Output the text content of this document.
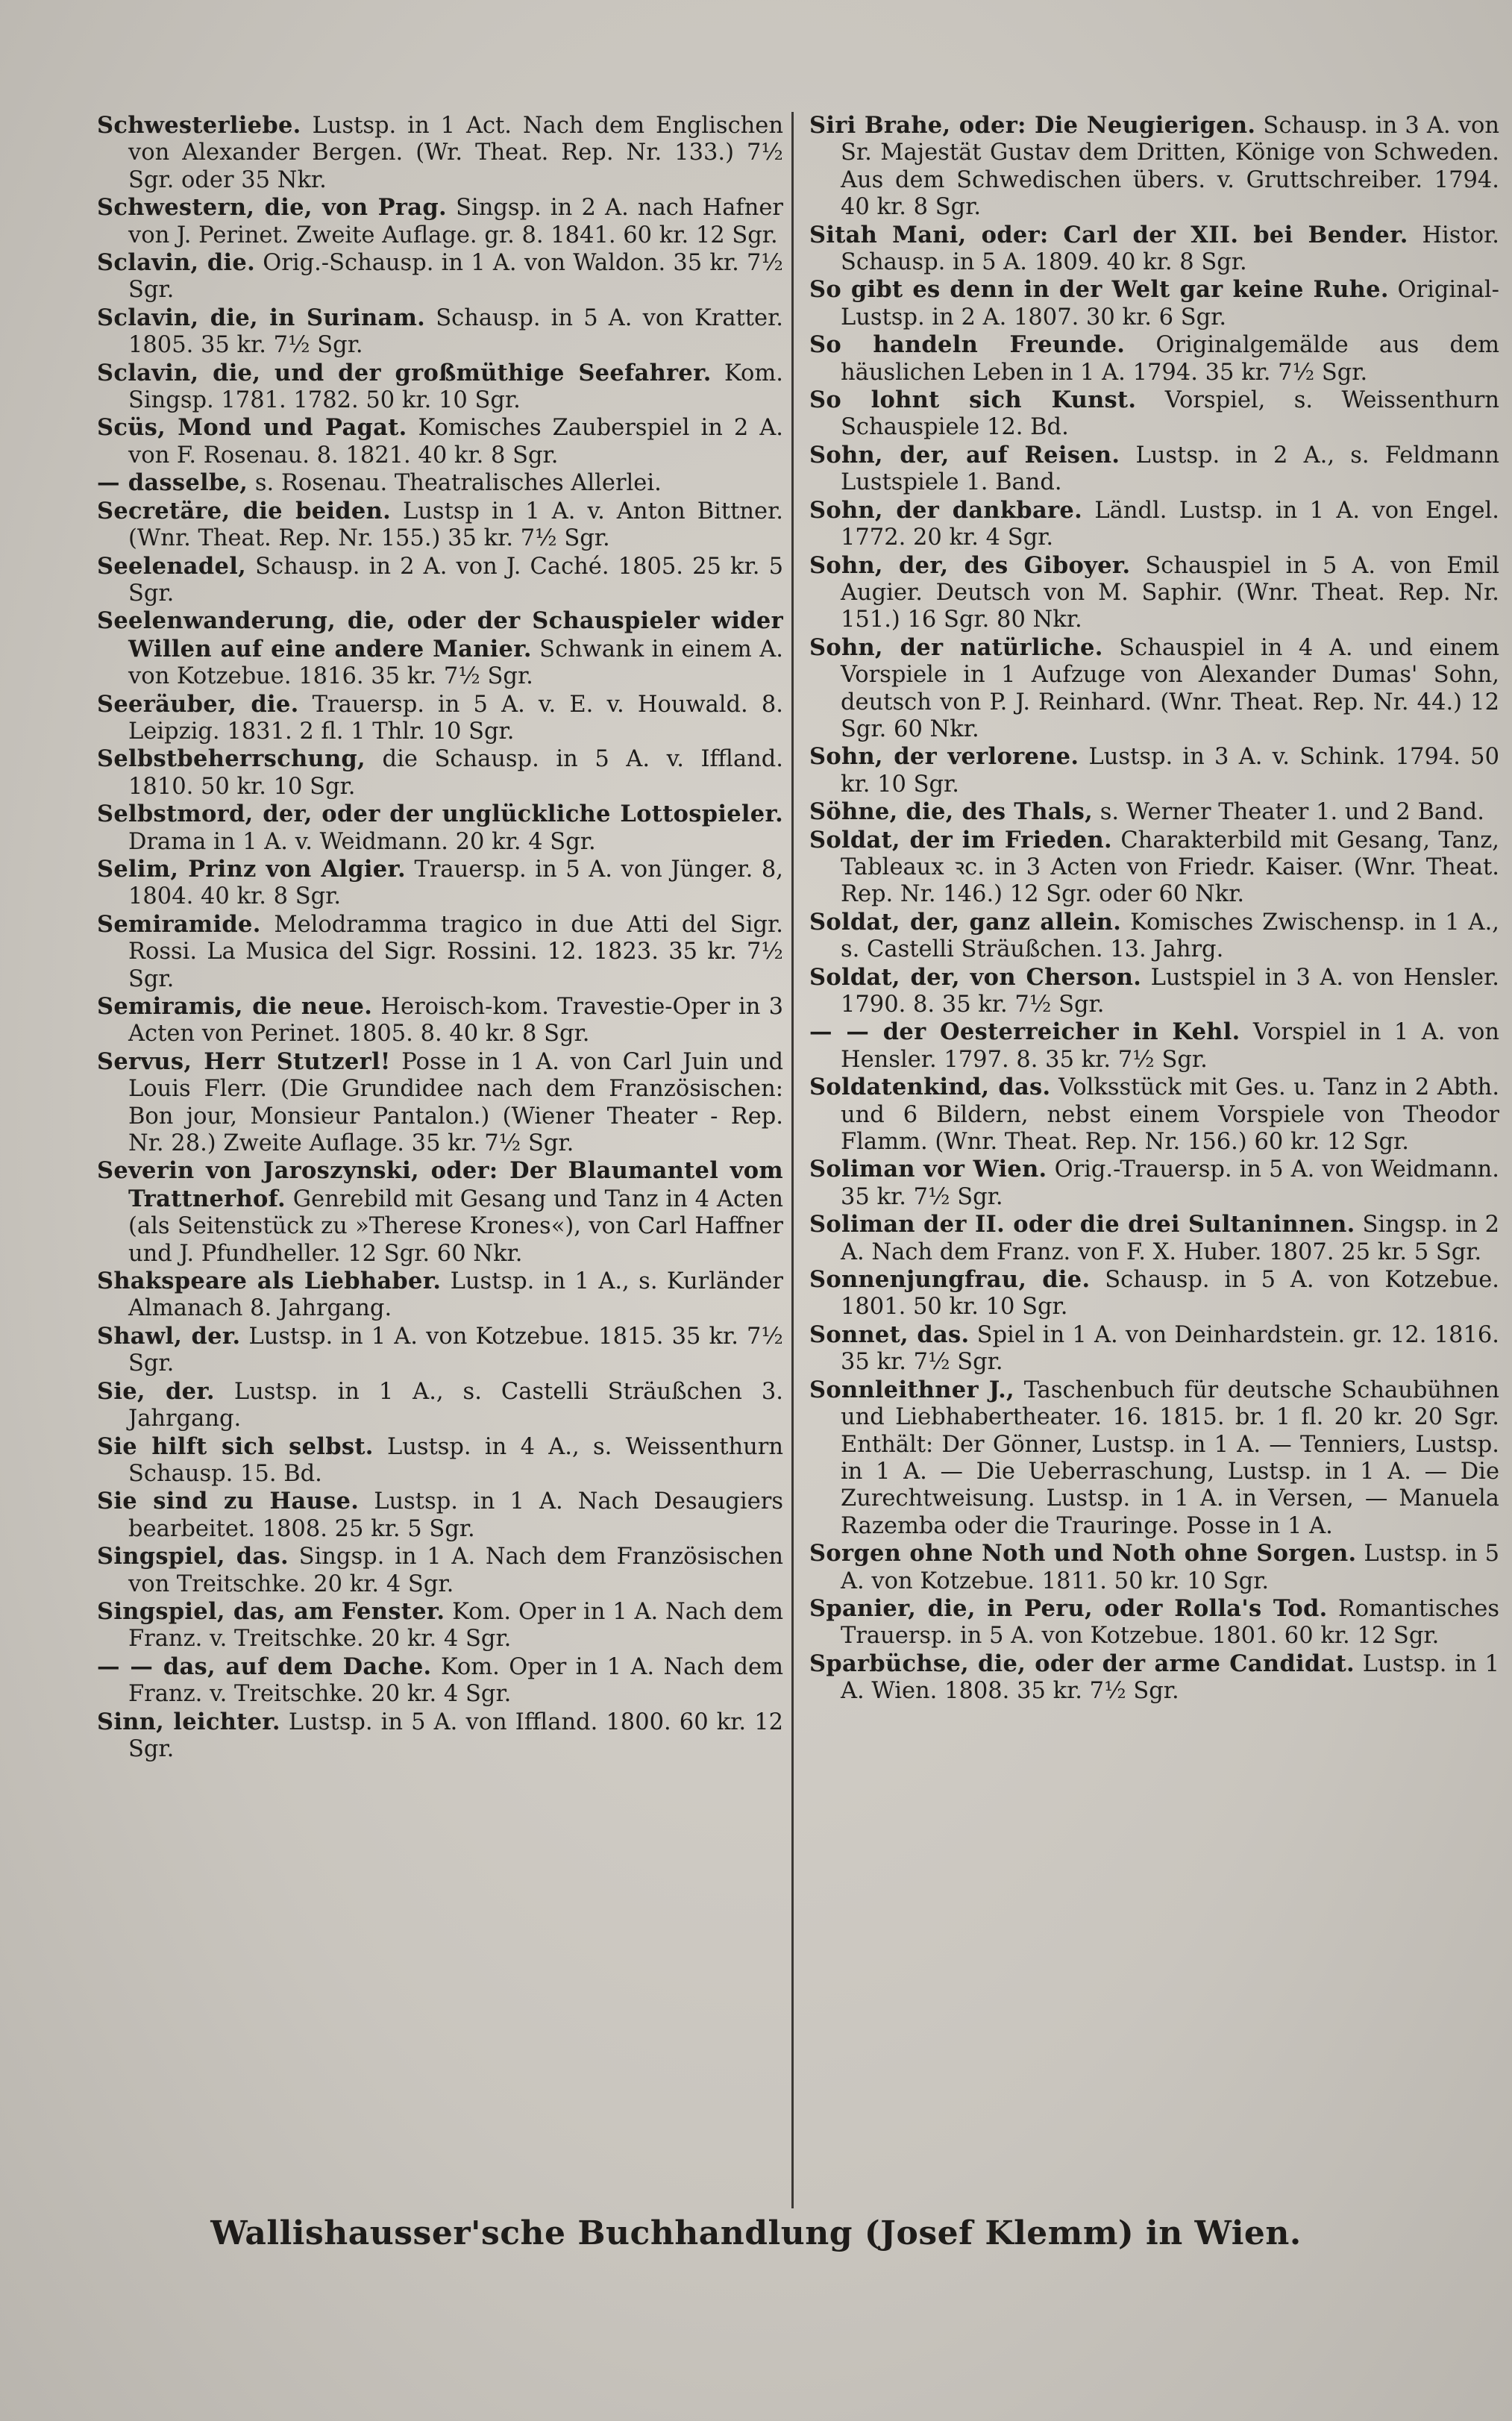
Schwesterliebe. Lustsp. in 1 Act. Nach dem Englischen von Alexander Bergen. (Wr. Theat. Rep. Nr. 133.) 7½ Sgr. oder 35 Nkr.
Schwestern, die, von Prag. Singsp. in 2 A. nach Hafner von J. Perinet. Zweite Auflage. gr. 8. 1841. 60 kr. 12 Sgr.
Sclavin, die. Orig.-Schausp. in 1 A. von Waldon. 35 kr. 7½ Sgr.
Sclavin, die, in Surinam. Schausp. in 5 A. von Kratter. 1805. 35 kr. 7½ Sgr.
Sclavin, die, und der großmüthige Seefahrer. Kom. Singsp. 1781. 1782. 50 kr. 10 Sgr.
Scüs, Mond und Pagat. Komisches Zauberspiel in 2 A. von F. Rosenau. 8. 1821. 40 kr. 8 Sgr.
— dasselbe, s. Rosenau. Theatralisches Allerlei.
Secretäre, die beiden. Lustsp in 1 A. v. Anton Bittner. (Wnr. Theat. Rep. Nr. 155.) 35 kr. 7½ Sgr.
Seelenadel, Schausp. in 2 A. von J. Caché. 1805. 25 kr. 5 Sgr.
Seelenwanderung, die, oder der Schauspieler wider Willen auf eine andere Manier. Schwank in einem A. von Kotzebue. 1816. 35 kr. 7½ Sgr.
Seeräuber, die. Trauersp. in 5 A. v. E. v. Houwald. 8. Leipzig. 1831. 2 fl. 1 Thlr. 10 Sgr.
Selbstbeherrschung, die Schausp. in 5 A. v. Iffland. 1810. 50 kr. 10 Sgr.
Selbstmord, der, oder der unglückliche Lottospieler. Drama in 1 A. v. Weidmann. 20 kr. 4 Sgr.
Selim, Prinz von Algier. Trauersp. in 5 A. von Jünger. 8, 1804. 40 kr. 8 Sgr.
Semiramide. Melodramma tragico in due Atti del Sigr. Rossi. La Musica del Sigr. Rossini. 12. 1823. 35 kr. 7½ Sgr.
Semiramis, die neue. Heroisch-kom. Travestie-Oper in 3 Acten von Perinet. 1805. 8. 40 kr. 8 Sgr.
Servus, Herr Stutzerl! Posse in 1 A. von Carl Juin und Louis Flerr. (Die Grundidee nach dem Französischen: Bon jour, Monsieur Pantalon.) (Wiener Theater - Rep. Nr. 28.) Zweite Auflage. 35 kr. 7½ Sgr.
Severin von Jaroszynski, oder: Der Blaumantel vom Trattnerhof. Genrebild mit Gesang und Tanz in 4 Acten (als Seitenstück zu »Therese Krones«), von Carl Haffner und J. Pfundheller. 12 Sgr. 60 Nkr.
Shakspeare als Liebhaber. Lustsp. in 1 A., s. Kurländer Almanach 8. Jahrgang.
Shawl, der. Lustsp. in 1 A. von Kotzebue. 1815. 35 kr. 7½ Sgr.
Sie, der. Lustsp. in 1 A., s. Castelli Sträußchen 3. Jahrgang.
Sie hilft sich selbst. Lustsp. in 4 A., s. Weissenthurn Schausp. 15. Bd.
Sie sind zu Hause. Lustsp. in 1 A. Nach Desaugiers bearbeitet. 1808. 25 kr. 5 Sgr.
Singspiel, das. Singsp. in 1 A. Nach dem Französischen von Treitschke. 20 kr. 4 Sgr.
Singspiel, das, am Fenster. Kom. Oper in 1 A. Nach dem Franz. v. Treitschke. 20 kr. 4 Sgr.
— — das, auf dem Dache. Kom. Oper in 1 A. Nach dem Franz. v. Treitschke. 20 kr. 4 Sgr.
Sinn, leichter. Lustsp. in 5 A. von Iffland. 1800. 60 kr. 12 Sgr.
Siri Brahe, oder: Die Neugierigen. Schausp. in 3 A. von Sr. Majestät Gustav dem Dritten, Könige von Schweden. Aus dem Schwedischen übers. v. Gruttschreiber. 1794. 40 kr. 8 Sgr.
Sitah Mani, oder: Carl der XII. bei Bender. Histor. Schausp. in 5 A. 1809. 40 kr. 8 Sgr.
So gibt es denn in der Welt gar keine Ruhe. Original-Lustsp. in 2 A. 1807. 30 kr. 6 Sgr.
So handeln Freunde. Originalgemälde aus dem häuslichen Leben in 1 A. 1794. 35 kr. 7½ Sgr.
So lohnt sich Kunst. Vorspiel, s. Weissenthurn Schauspiele 12. Bd.
Sohn, der, auf Reisen. Lustsp. in 2 A., s. Feldmann Lustspiele 1. Band.
Sohn, der dankbare. Ländl. Lustsp. in 1 A. von Engel. 1772. 20 kr. 4 Sgr.
Sohn, der, des Giboyer. Schauspiel in 5 A. von Emil Augier. Deutsch von M. Saphir. (Wnr. Theat. Rep. Nr. 151.) 16 Sgr. 80 Nkr.
Sohn, der natürliche. Schauspiel in 4 A. und einem Vorspiele in 1 Aufzuge von Alexander Dumas' Sohn, deutsch von P. J. Reinhard. (Wnr. Theat. Rep. Nr. 44.) 12 Sgr. 60 Nkr.
Sohn, der verlorene. Lustsp. in 3 A. v. Schink. 1794. 50 kr. 10 Sgr.
Söhne, die, des Thals, s. Werner Theater 1. und 2 Band.
Soldat, der im Frieden. Charakterbild mit Gesang, Tanz, Tableaux ꝛc. in 3 Acten von Friedr. Kaiser. (Wnr. Theat. Rep. Nr. 146.) 12 Sgr. oder 60 Nkr.
Soldat, der, ganz allein. Komisches Zwischensp. in 1 A., s. Castelli Sträußchen. 13. Jahrg.
Soldat, der, von Cherson. Lustspiel in 3 A. von Hensler. 1790. 8. 35 kr. 7½ Sgr.
— — der Oesterreicher in Kehl. Vorspiel in 1 A. von Hensler. 1797. 8. 35 kr. 7½ Sgr.
Soldatenkind, das. Volksstück mit Ges. u. Tanz in 2 Abth. und 6 Bildern, nebst einem Vorspiele von Theodor Flamm. (Wnr. Theat. Rep. Nr. 156.) 60 kr. 12 Sgr.
Soliman vor Wien. Orig.-Trauersp. in 5 A. von Weidmann. 35 kr. 7½ Sgr.
Soliman der II. oder die drei Sultaninnen. Singsp. in 2 A. Nach dem Franz. von F. X. Huber. 1807. 25 kr. 5 Sgr.
Sonnenjungfrau, die. Schausp. in 5 A. von Kotzebue. 1801. 50 kr. 10 Sgr.
Sonnet, das. Spiel in 1 A. von Deinhardstein. gr. 12. 1816. 35 kr. 7½ Sgr.
Sonnleithner J., Taschenbuch für deutsche Schaubühnen und Liebhabertheater. 16. 1815. br. 1 fl. 20 kr. 20 Sgr. Enthält: Der Gönner, Lustsp. in 1 A. — Tenniers, Lustsp. in 1 A. — Die Ueberraschung, Lustsp. in 1 A. — Die Zurechtweisung. Lustsp. in 1 A. in Versen, — Manuela Razemba oder die Trauringe. Posse in 1 A.
Sorgen ohne Noth und Noth ohne Sorgen. Lustsp. in 5 A. von Kotzebue. 1811. 50 kr. 10 Sgr.
Spanier, die, in Peru, oder Rolla's Tod. Romantisches Trauersp. in 5 A. von Kotzebue. 1801. 60 kr. 12 Sgr.
Sparbüchse, die, oder der arme Candidat. Lustsp. in 1 A. Wien. 1808. 35 kr. 7½ Sgr.
Wallishausser'sche Buchhandlung (Josef Klemm) in Wien.
